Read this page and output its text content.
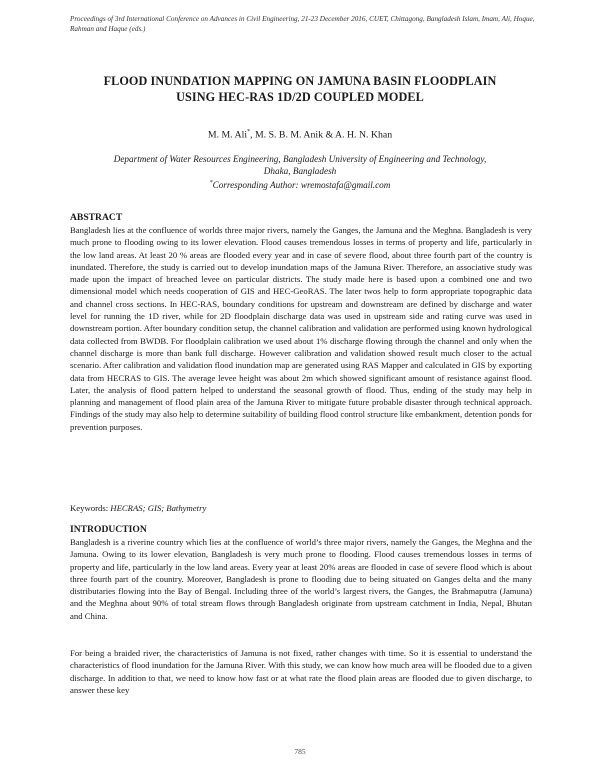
Proceedings of 3rd International Conference on Advances in Civil Engineering, 21-23 December 2016, CUET, Chittagong, Bangladesh Islam, Imam, Ali, Hoque, Rahman and Haque (eds.)
FLOOD INUNDATION MAPPING ON JAMUNA BASIN FLOODPLAIN
USING HEC-RAS 1D/2D COUPLED MODEL
M. M. Ali*, M. S. B. M. Anik & A. H. N. Khan
Department of Water Resources Engineering, Bangladesh University of Engineering and Technology,
Dhaka, Bangladesh
*Corresponding Author: wremostafa@gmail.com
ABSTRACT
Bangladesh lies at the confluence of worlds three major rivers, namely the Ganges, the Jamuna and the Meghna. Bangladesh is very much prone to flooding owing to its lower elevation. Flood causes tremendous losses in terms of property and life, particularly in the low land areas. At least 20 % areas are flooded every year and in case of severe flood, about three fourth part of the country is inundated. Therefore, the study is carried out to develop inundation maps of the Jamuna River. Therefore, an associative study was made upon the impact of breached levee on particular districts. The study made here is based upon a combined one and two dimensional model which needs cooperation of GIS and HEC-GeoRAS. The later twos help to form appropriate topographic data and channel cross sections. In HEC-RAS, boundary conditions for upstream and downstream are defined by discharge and water level for running the 1D river, while for 2D floodplain discharge data was used in upstream side and rating curve was used in downstream portion. After boundary condition setup, the channel calibration and validation are performed using known hydrological data collected from BWDB. For floodplain calibration we used about 1% discharge flowing through the channel and only when the channel discharge is more than bank full discharge. However calibration and validation showed result much closer to the actual scenario. After calibration and validation flood inundation map are generated using RAS Mapper and calculated in GIS by exporting data from HECRAS to GIS. The average levee height was about 2m which showed significant amount of resistance against flood. Later, the analysis of flood pattern helped to understand the seasonal growth of flood. Thus, ending of the study may help in planning and management of flood plain area of the Jamuna River to mitigate future probable disaster through technical approach. Findings of the study may also help to determine suitability of building flood control structure like embankment, detention ponds for prevention purposes.
Keywords: HECRAS; GIS; Bathymetry
INTRODUCTION
Bangladesh is a riverine country which lies at the confluence of world’s three major rivers, namely the Ganges, the Meghna and the Jamuna. Owing to its lower elevation, Bangladesh is very much prone to flooding. Flood causes tremendous losses in terms of property and life, particularly in the low land areas. Every year at least 20% areas are flooded in case of severe flood which is about three fourth part of the country. Moreover, Bangladesh is prone to flooding due to being situated on Ganges delta and the many distributaries flowing into the Bay of Bengal. Including three of the world’s largest rivers, the Ganges, the Brahmaputra (Jamuna) and the Meghna about 90% of total stream flows through Bangladesh originate from upstream catchment in India, Nepal, Bhutan and China.
For being a braided river, the characteristics of Jamuna is not fixed, rather changes with time. So it is essential to understand the characteristics of flood inundation for the Jamuna River. With this study, we can know how much area will be flooded due to a given discharge. In addition to that, we need to know how fast or at what rate the flood plain areas are flooded due to given discharge, to answer these key
785
